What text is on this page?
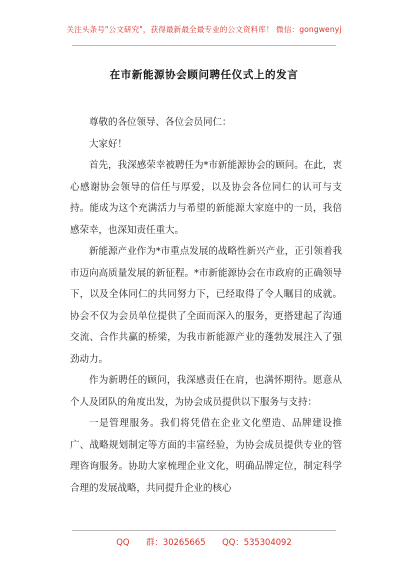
关注头条号"公文研究"，获得最新最全最专业的公文资料库！ 微信：gongwenyj
在市新能源协会顾问聘任仪式上的发言

尊敬的各位领导、各位会员同仁：

大家好！

首先，我深感荣幸被聘任为*市新能源协会的顾问。在此，衷心感谢协会领导的信任与厚爱，以及协会各位同仁的认可与支持。能成为这个充满活力与希望的新能源大家庭中的一员，我倍感荣幸，也深知责任重大。

新能源产业作为*市重点发展的战略性新兴产业，正引领着我市迈向高质量发展的新征程。*市新能源协会在市政府的正确领导下，以及全体同仁的共同努力下，已经取得了令人瞩目的成就。协会不仅为会员单位提供了全面而深入的服务，更搭建起了沟通交流、合作共赢的桥梁，为我市新能源产业的蓬勃发展注入了强劲动力。

作为新聘任的顾问，我深感责任在肩，也满怀期待。愿意从个人及团队的角度出发，为协会成员提供以下服务与支持：

一是管理服务。我们将凭借在企业文化塑造、品牌建设推广、战略规划制定等方面的丰富经验，为协会成员提供专业的管理咨询服务。协助大家梳理企业文化，明确品牌定位，制定科学合理的发展战略，共同提升企业的核心

QQ 群：30265665 QQ：535304092
